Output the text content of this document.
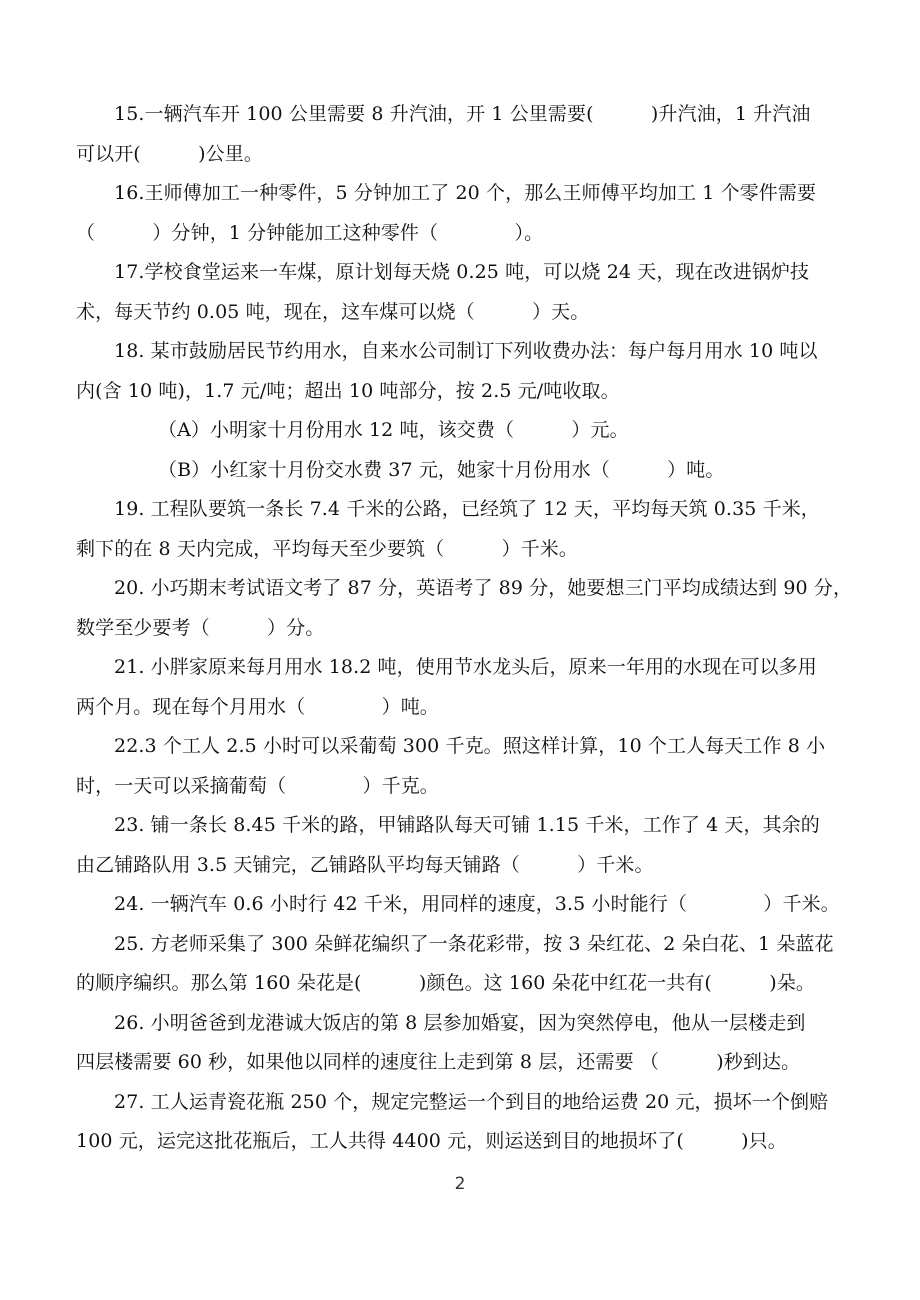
15.一辆汽车开 100 公里需要 8 升汽油，开 1 公里需要(　　　)升汽油，1 升汽油
可以开(　　　)公里。
16.王师傅加工一种零件，5 分钟加工了 20 个，那么王师傅平均加工 1 个零件需要
（　　　）分钟，1 分钟能加工这种零件（　　　　）。
17.学校食堂运来一车煤，原计划每天烧 0.25 吨，可以烧 24 天，现在改进锅炉技
术，每天节约 0.05 吨，现在，这车煤可以烧（　　　）天。
18. 某市鼓励居民节约用水，自来水公司制订下列收费办法：每户每月用水 10 吨以
内(含 10 吨)，1.7 元/吨；超出 10 吨部分，按 2.5 元/吨收取。
（A）小明家十月份用水 12 吨，该交费（　　　）元。
（B）小红家十月份交水费 37 元，她家十月份用水（　　　）吨。
19. 工程队要筑一条长 7.4 千米的公路，已经筑了 12 天，平均每天筑 0.35 千米，
剩下的在 8 天内完成，平均每天至少要筑（　　　）千米。
20. 小巧期末考试语文考了 87 分，英语考了 89 分，她要想三门平均成绩达到 90 分，
数学至少要考（　　　）分。
21. 小胖家原来每月用水 18.2 吨，使用节水龙头后，原来一年用的水现在可以多用
两个月。现在每个月用水（　　　　）吨。
22.3 个工人 2.5 小时可以采葡萄 300 千克。照这样计算，10 个工人每天工作 8 小
时，一天可以采摘葡萄（　　　　）千克。
23. 铺一条长 8.45 千米的路，甲铺路队每天可铺 1.15 千米，工作了 4 天，其余的
由乙铺路队用 3.5 天铺完，乙铺路队平均每天铺路（　　　）千米。
24. 一辆汽车 0.6 小时行 42 千米，用同样的速度，3.5 小时能行（　　　　）千米。
25. 方老师采集了 300 朵鲜花编织了一条花彩带，按 3 朵红花、2 朵白花、1 朵蓝花
的顺序编织。那么第 160 朵花是(　　　)颜色。这 160 朵花中红花一共有(　　　)朵。
26. 小明爸爸到龙港诚大饭店的第 8 层参加婚宴，因为突然停电，他从一层楼走到
四层楼需要 60 秒，如果他以同样的速度往上走到第 8 层，还需要 （　　　)秒到达。
27. 工人运青瓷花瓶 250 个，规定完整运一个到目的地给运费 20 元，损坏一个倒赔
100 元，运完这批花瓶后，工人共得 4400 元，则运送到目的地损坏了(　　　)只。
2
